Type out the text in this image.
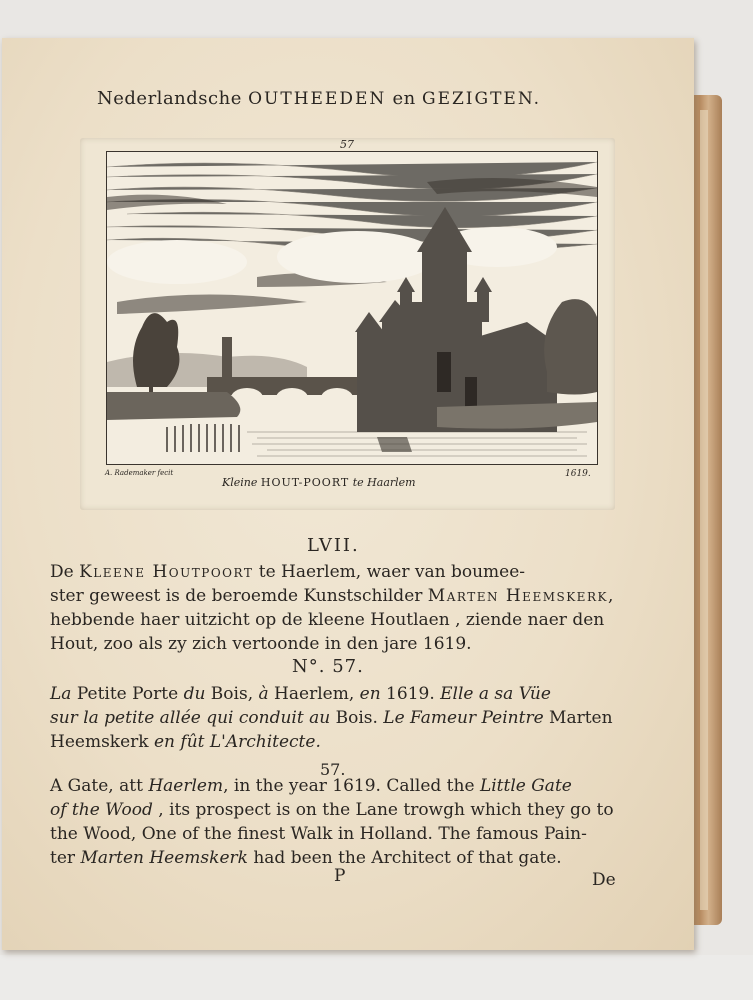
Nederlandsche OUTHEEDEN en GEZIGTEN.
57
A. Rademaker fecit	1619.
Kleine HOUT-POORT te Haarlem
LVII.
De Kleene Houtpoort te Haerlem, waer van boumee-
ster geweest is de beroemde Kunstschilder Marten Heemskerk,
hebbende haer uitzicht op de kleene Houtlaen , ziende naer den
Hout, zoo als zy zich vertoonde in den jare 1619.
N°. 57.
La Petite Porte du Bois, à Haerlem, en 1619. Elle a sa Vüe
sur la petite allée qui conduit au Bois. Le Fameur Peintre Marten
Heemskerk en fût L'Architecte.
57.
A Gate, att Haerlem, in the year 1619. Called the Little Gate
of the Wood , its prospect is on the Lane trowgh which they go to
the Wood, One of the finest Walk in Holland. The famous Pain-
ter Marten Heemskerk had been the Architect of that gate.
P	De
